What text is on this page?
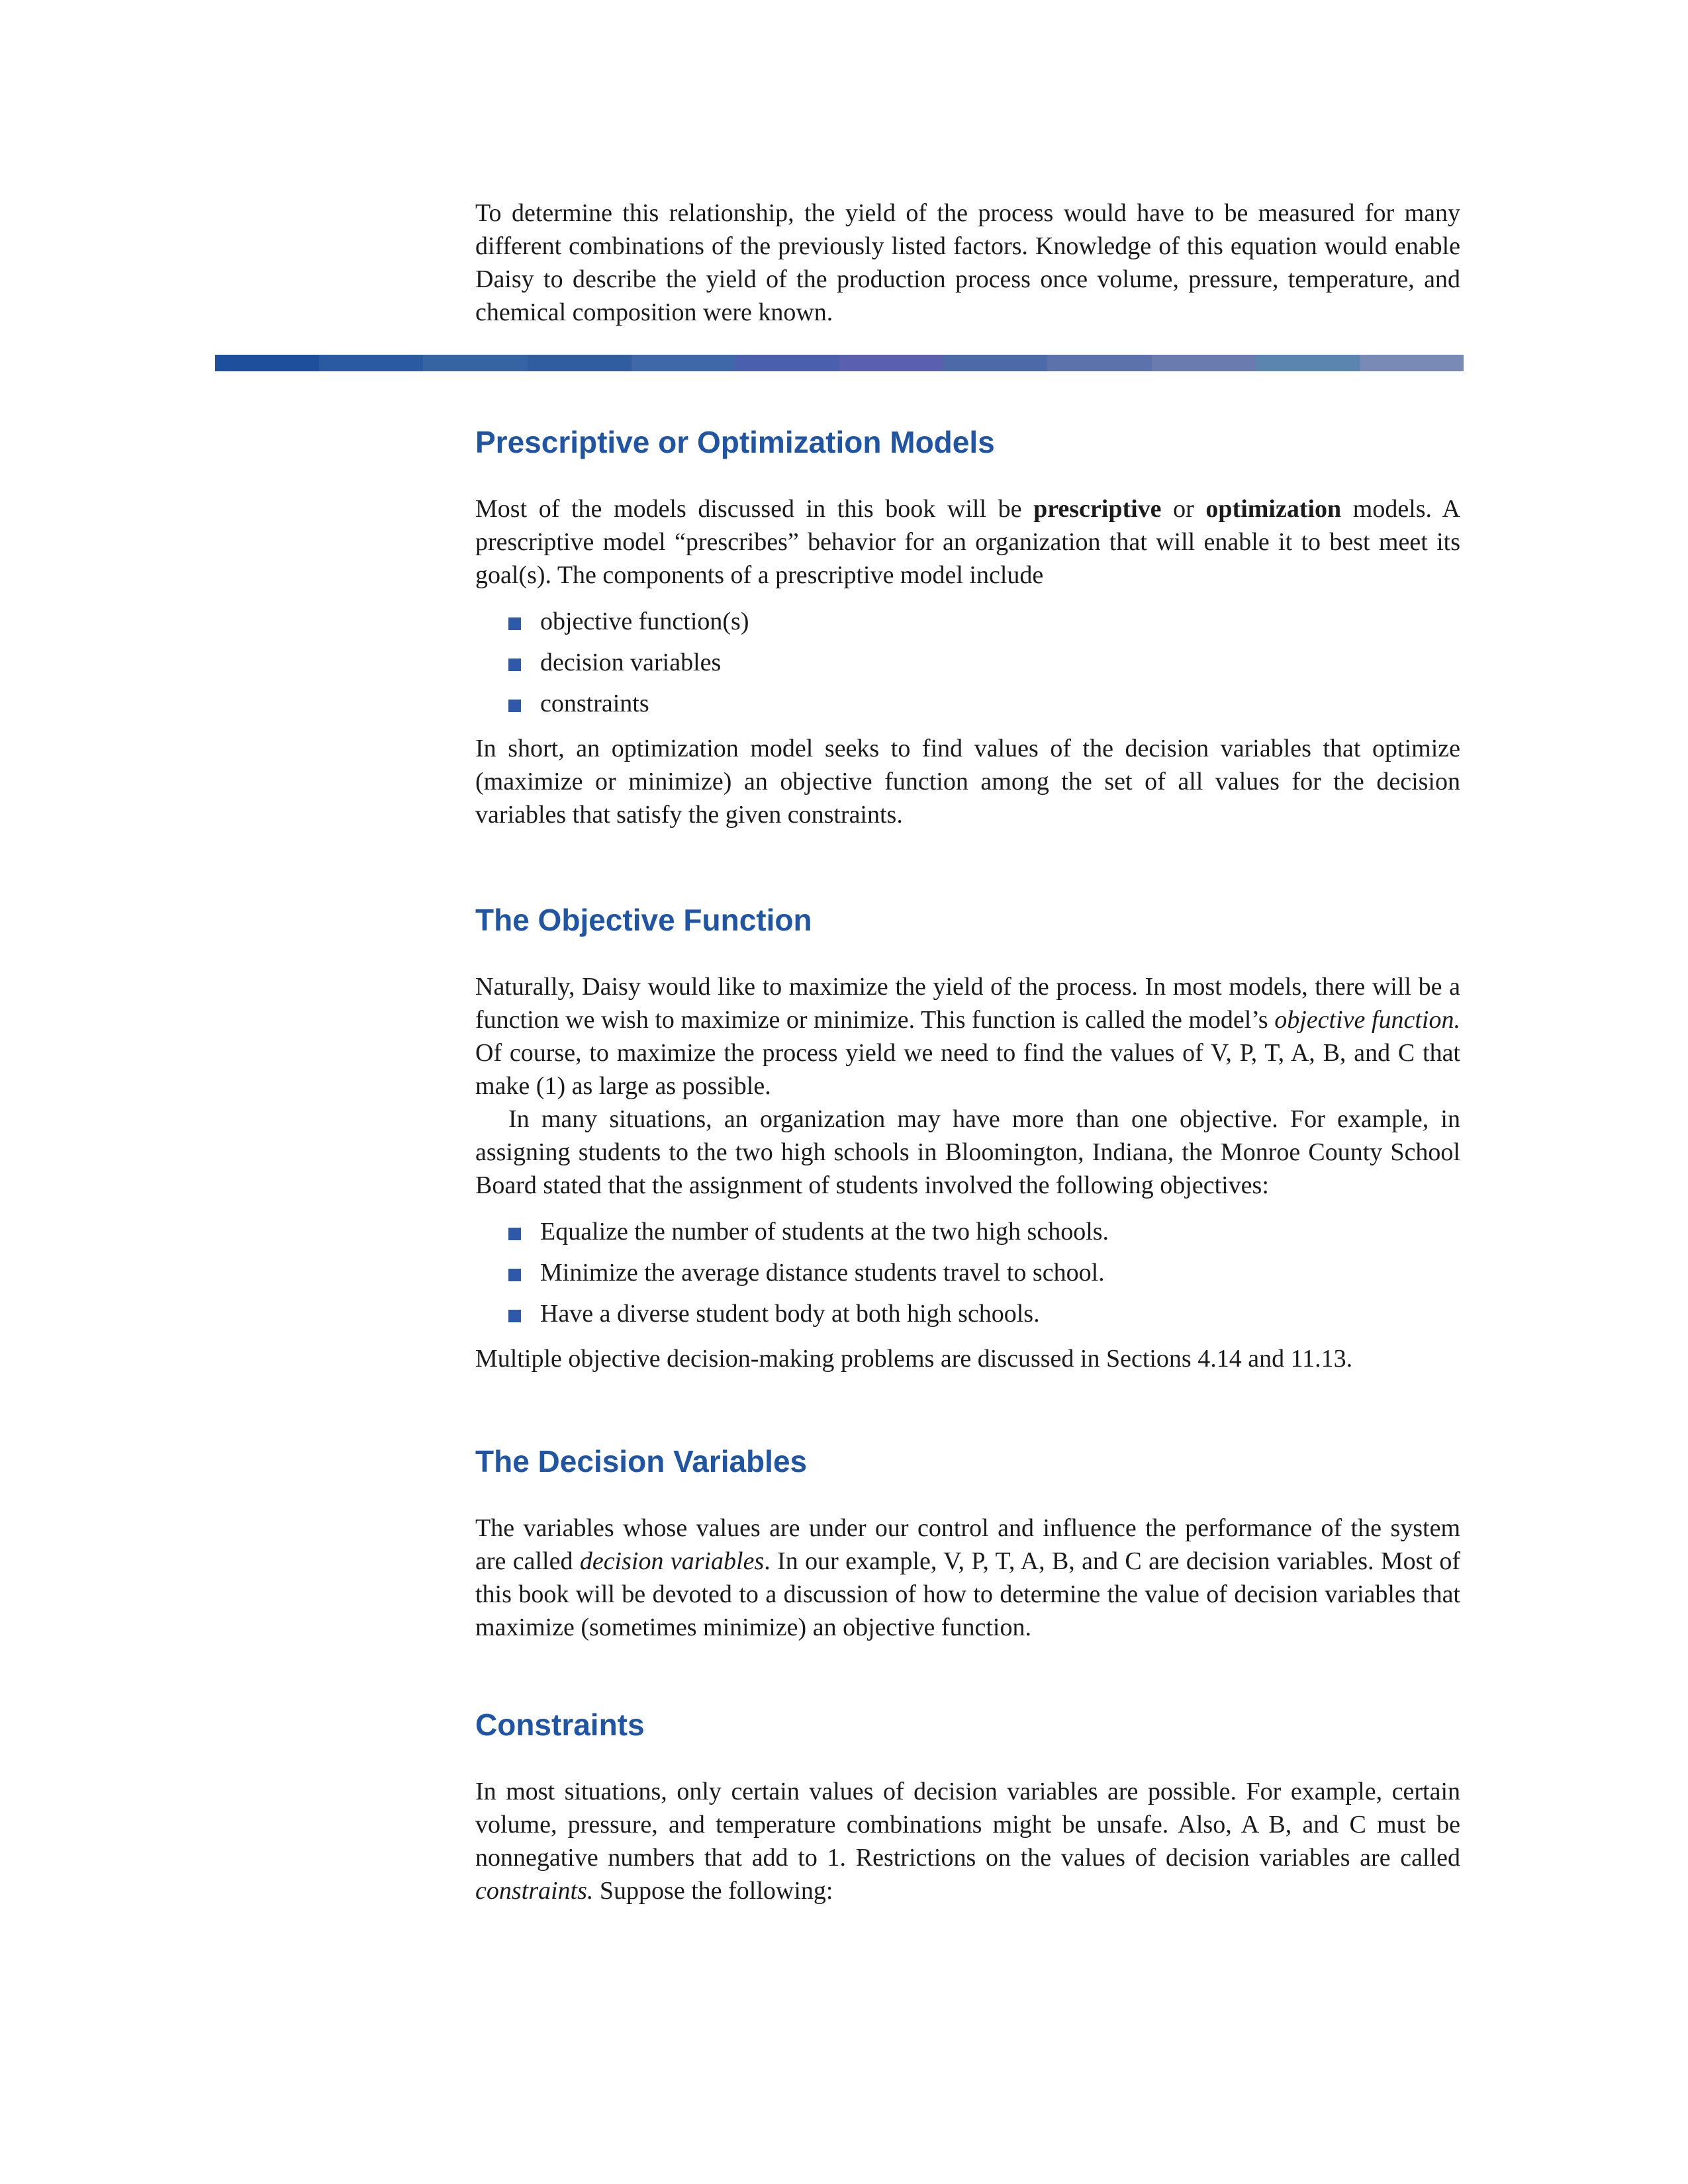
To determine this relationship, the yield of the process would have to be measured for many different combinations of the previously listed factors. Knowledge of this equation would enable Daisy to describe the yield of the production process once volume, pressure, temperature, and chemical composition were known.

Prescriptive or Optimization Models

Most of the models discussed in this book will be prescriptive or optimization models. A prescriptive model “prescribes” behavior for an organization that will enable it to best meet its goal(s). The components of a prescriptive model include

objective function(s)
decision variables
constraints

In short, an optimization model seeks to find values of the decision variables that optimize (maximize or minimize) an objective function among the set of all values for the decision variables that satisfy the given constraints.

The Objective Function

Naturally, Daisy would like to maximize the yield of the process. In most models, there will be a function we wish to maximize or minimize. This function is called the model’s objective function. Of course, to maximize the process yield we need to find the values of V, P, T, A, B, and C that make (1) as large as possible.

In many situations, an organization may have more than one objective. For example, in assigning students to the two high schools in Bloomington, Indiana, the Monroe County School Board stated that the assignment of students involved the following objectives:

Equalize the number of students at the two high schools.
Minimize the average distance students travel to school.
Have a diverse student body at both high schools.

Multiple objective decision-making problems are discussed in Sections 4.14 and 11.13.

The Decision Variables

The variables whose values are under our control and influence the performance of the system are called decision variables. In our example, V, P, T, A, B, and C are decision variables. Most of this book will be devoted to a discussion of how to determine the value of decision variables that maximize (sometimes minimize) an objective function.

Constraints

In most situations, only certain values of decision variables are possible. For example, certain volume, pressure, and temperature combinations might be unsafe. Also, A B, and C must be nonnegative numbers that add to 1. Restrictions on the values of decision variables are called constraints. Suppose the following:
